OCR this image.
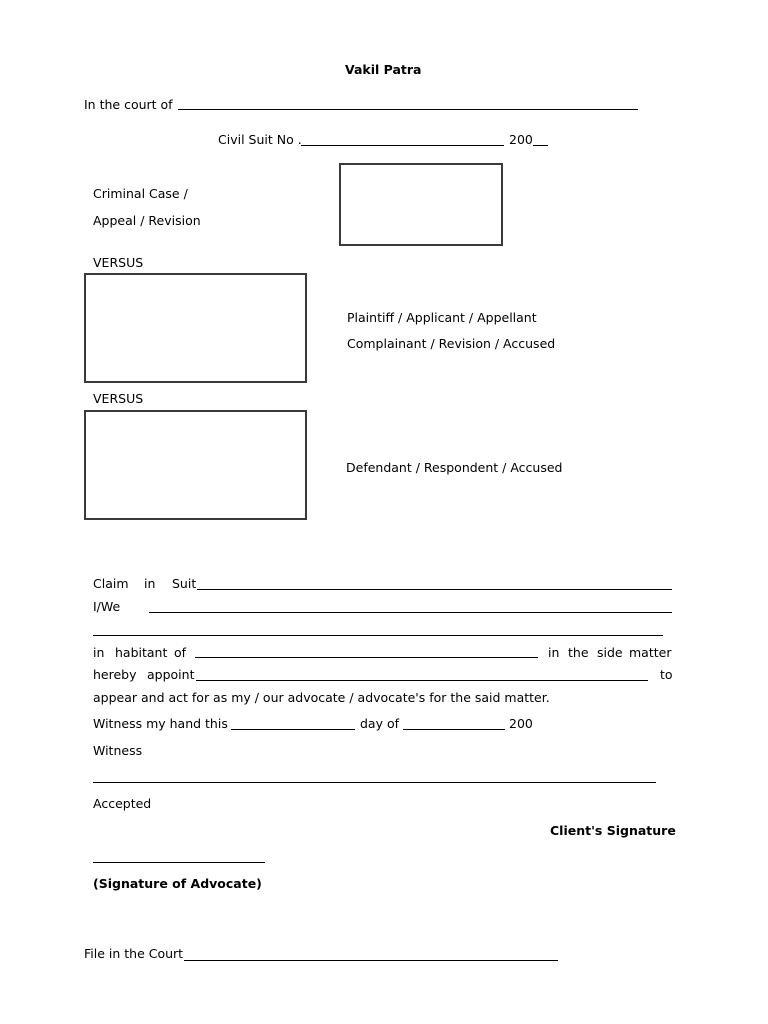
Vakil Patra
In the court of
Civil Suit No .	200
Criminal Case /
Appeal / Revision
VERSUS
Plaintiff / Applicant / Appellant
Complainant / Revision / Accused
VERSUS
Defendant / Respondent / Accused
Claim in Suit
I/We
in habitant of	in the side matter
hereby appoint	to
appear and act for as my / our advocate / advocate's for the said matter.
Witness my hand this	day of	200
Witness
Accepted
Client's Signature
(Signature of Advocate)
File in the Court
